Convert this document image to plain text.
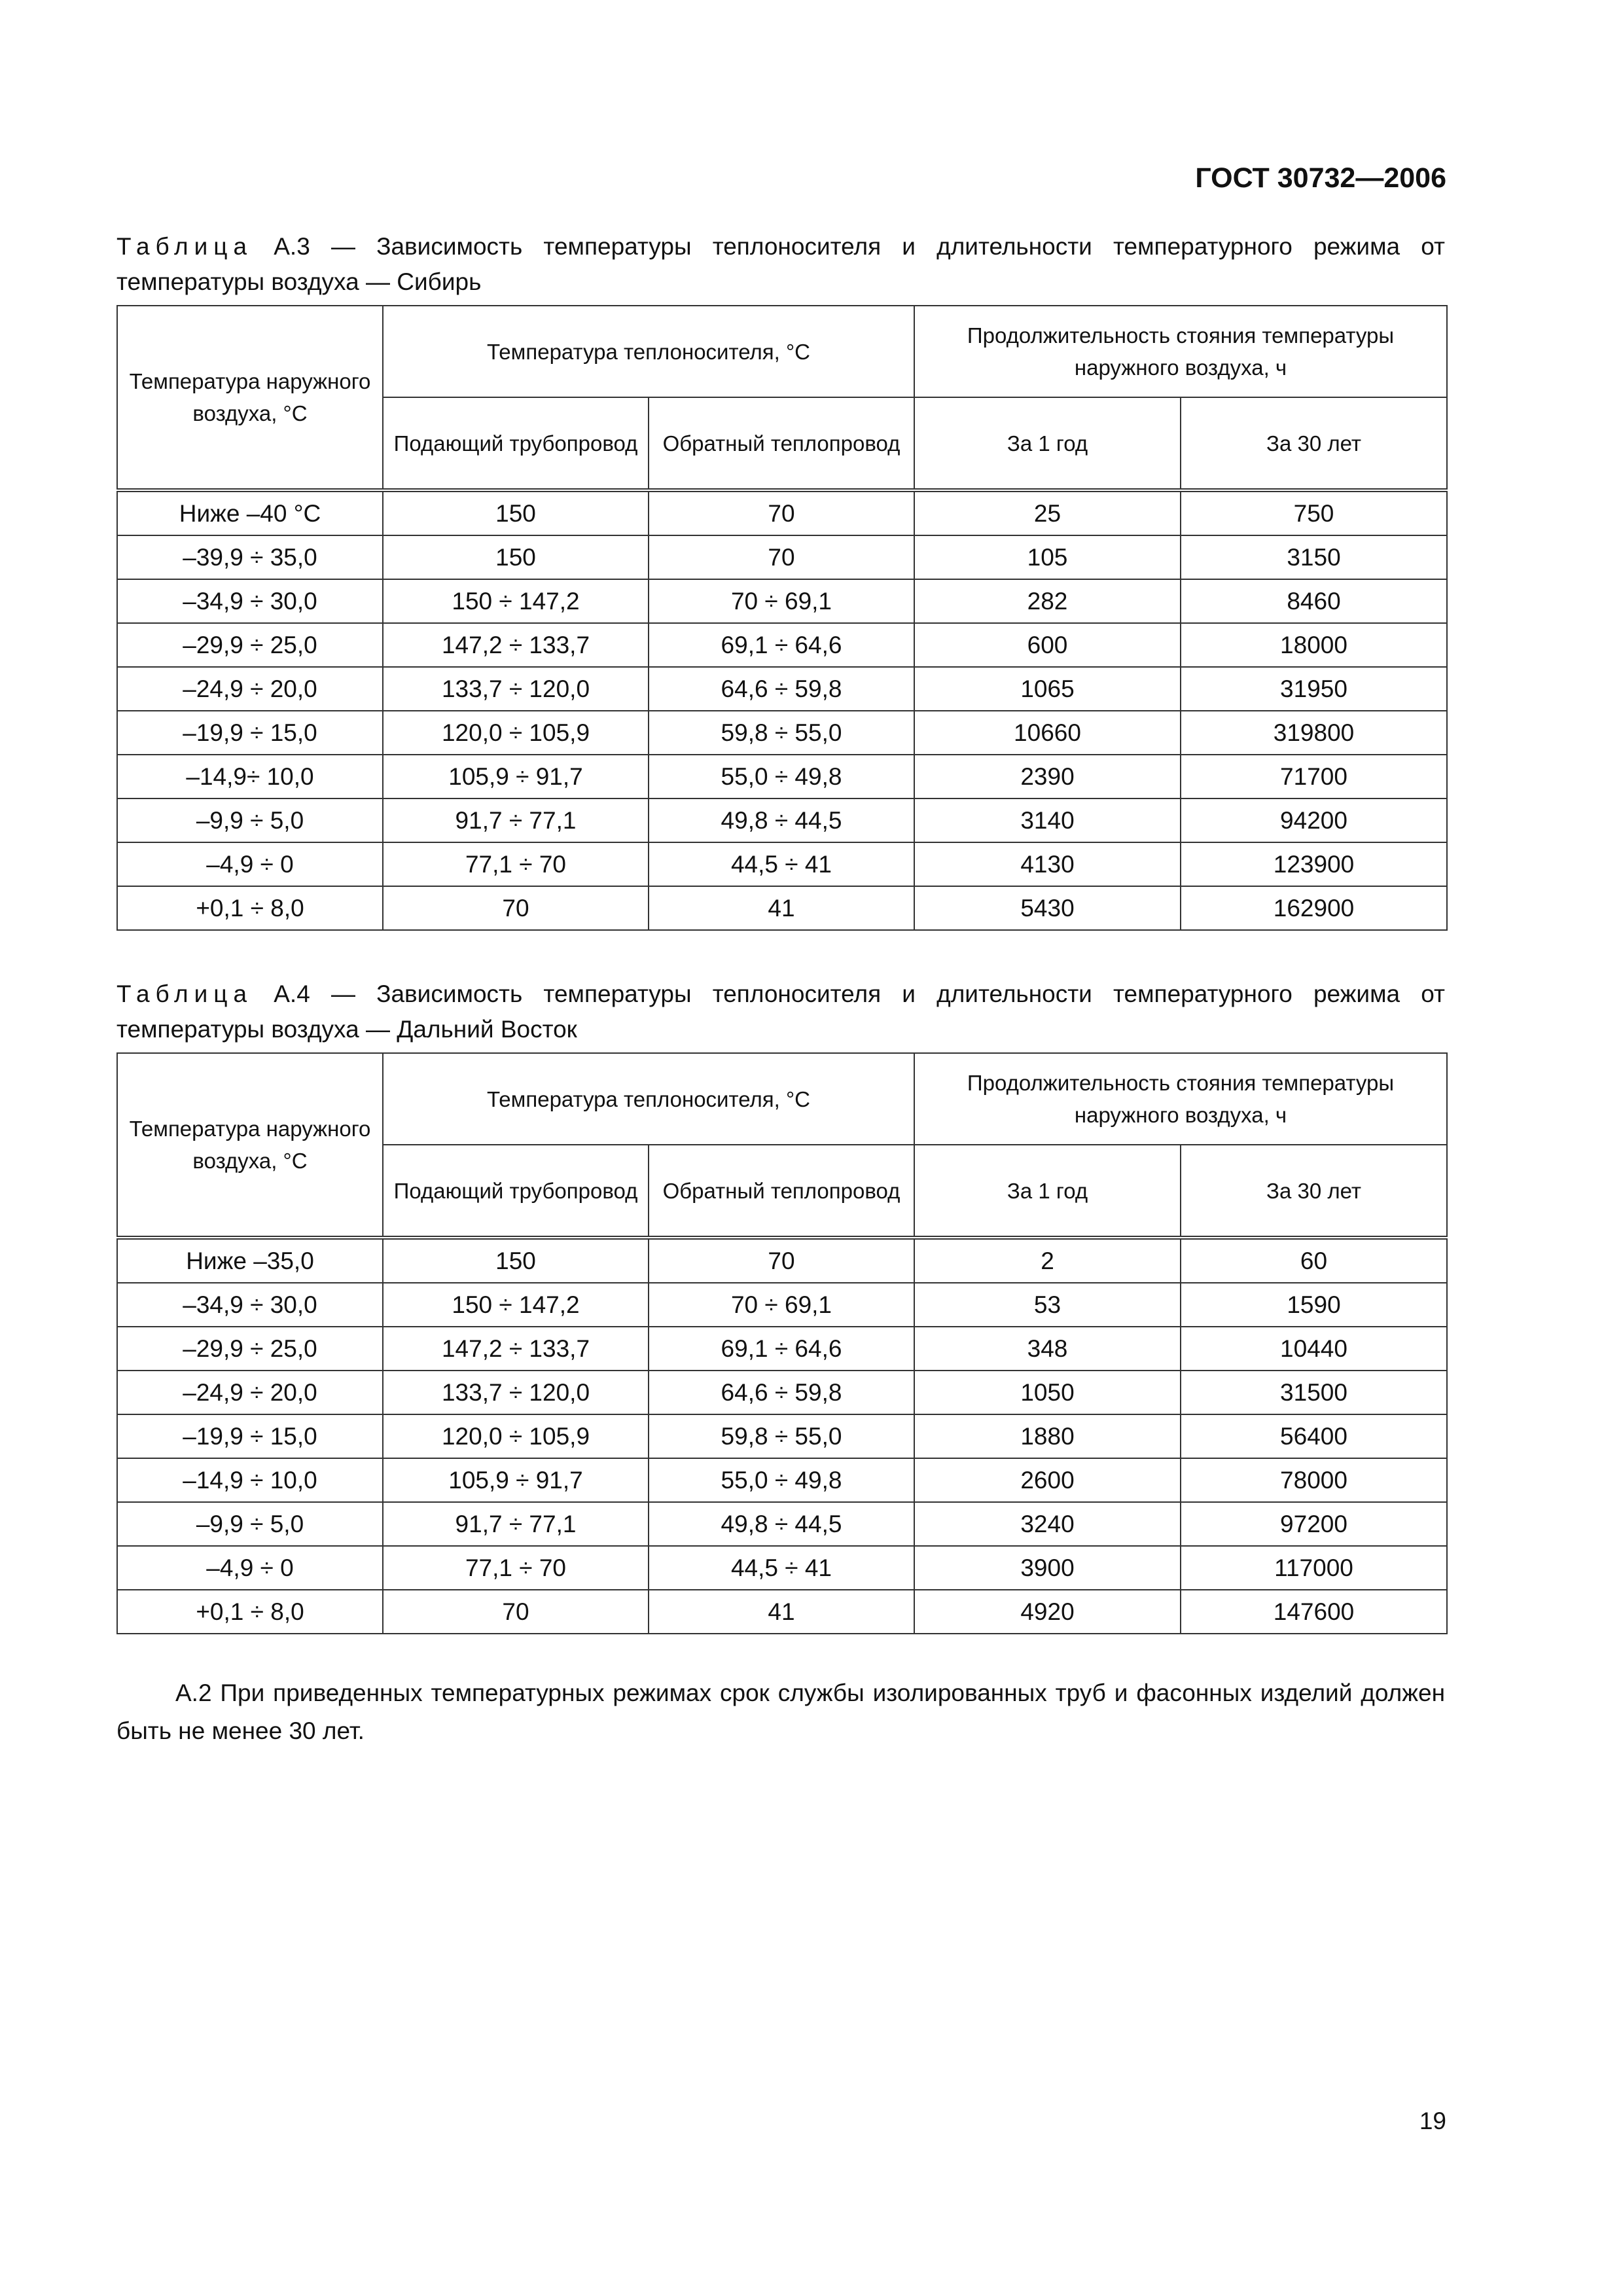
ГОСТ 30732—2006
Таблица А.3 — Зависимость температуры теплоносителя и длительности температурного режима от температуры воздуха — Сибирь
Температура наружного воздуха, °С	Температура теплоносителя, °С		Продолжительность стояния температуры наружного воздуха, ч	
	Подающий трубопровод	Обратный теплопровод	За 1 год	За 30 лет
Ниже –40 °С	150	70	25	750
–39,9 ÷ 35,0	150	70	105	3150
–34,9 ÷ 30,0	150 ÷ 147,2	70 ÷ 69,1	282	8460
–29,9 ÷ 25,0	147,2 ÷ 133,7	69,1 ÷ 64,6	600	18000
–24,9 ÷ 20,0	133,7 ÷ 120,0	64,6 ÷ 59,8	1065	31950
–19,9 ÷ 15,0	120,0 ÷ 105,9	59,8 ÷ 55,0	10660	319800
–14,9÷ 10,0	105,9 ÷ 91,7	55,0 ÷ 49,8	2390	71700
–9,9 ÷ 5,0	91,7 ÷ 77,1	49,8 ÷ 44,5	3140	94200
–4,9 ÷ 0	77,1 ÷ 70	44,5 ÷ 41	4130	123900
+0,1 ÷ 8,0	70	41	5430	162900
Таблица А.4 — Зависимость температуры теплоносителя и длительности температурного режима от температуры воздуха — Дальний Восток
Температура наружного воздуха, °С	Температура теплоносителя, °С		Продолжительность стояния температуры наружного воздуха, ч	
	Подающий трубопровод	Обратный теплопровод	За 1 год	За 30 лет
Ниже –35,0	150	70	2	60
–34,9 ÷ 30,0	150 ÷ 147,2	70 ÷ 69,1	53	1590
–29,9 ÷ 25,0	147,2 ÷ 133,7	69,1 ÷ 64,6	348	10440
–24,9 ÷ 20,0	133,7 ÷ 120,0	64,6 ÷ 59,8	1050	31500
–19,9 ÷ 15,0	120,0 ÷ 105,9	59,8 ÷ 55,0	1880	56400
–14,9 ÷ 10,0	105,9 ÷ 91,7	55,0 ÷ 49,8	2600	78000
–9,9 ÷ 5,0	91,7 ÷ 77,1	49,8 ÷ 44,5	3240	97200
–4,9 ÷ 0	77,1 ÷ 70	44,5 ÷ 41	3900	117000
+0,1 ÷ 8,0	70	41	4920	147600
А.2 При приведенных температурных режимах срок службы изолированных труб и фасонных изделий должен быть не менее 30 лет.
19
